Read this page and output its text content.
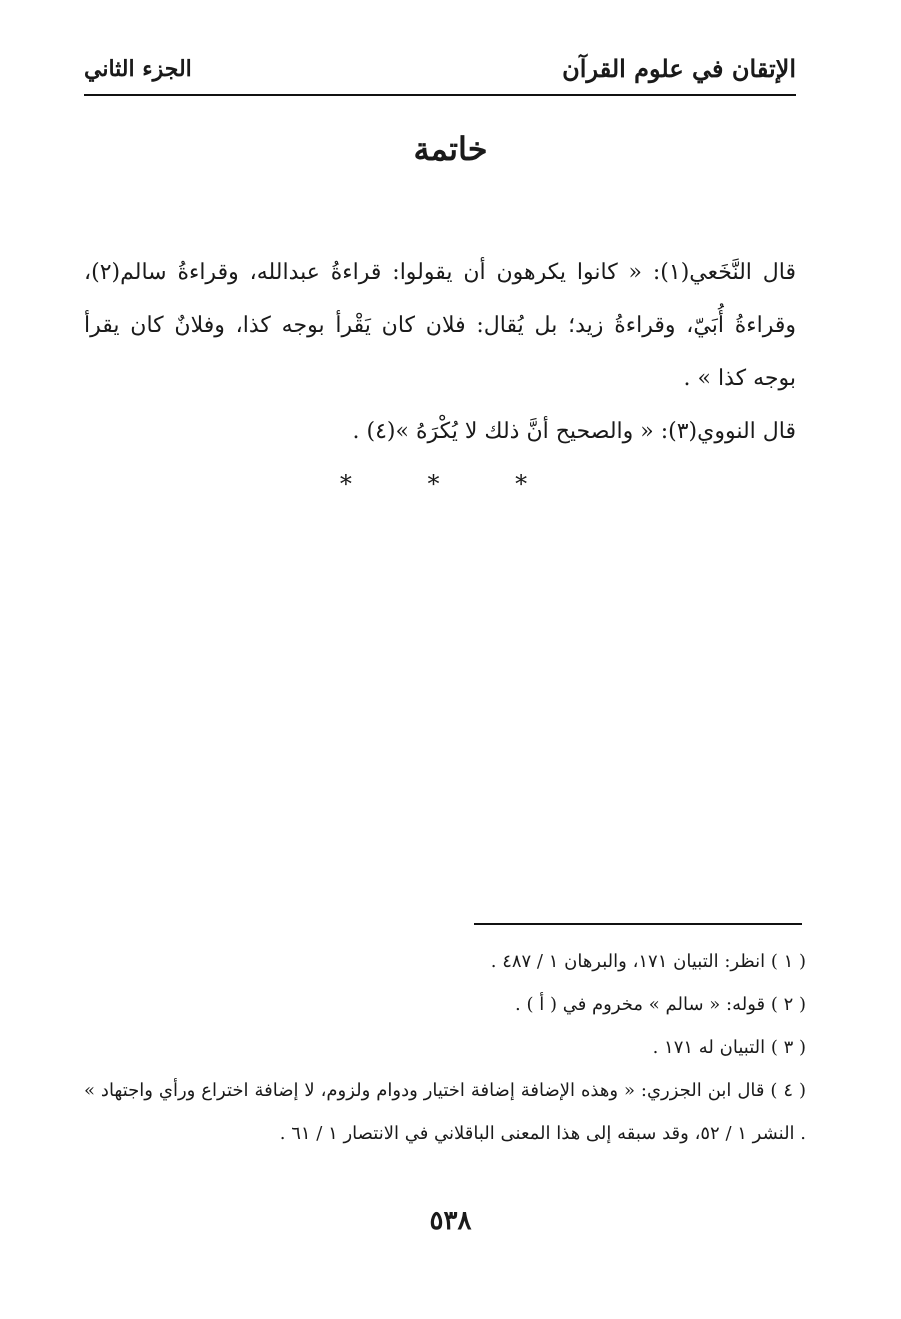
الإتقان في علوم القرآن
الجزء الثاني
خاتمة

قال النَّخَعي(١): « كانوا يكرهون أن يقولوا: قراءةُ عبدالله، وقراءةُ سالم(٢)، وقراءةُ أُبَيّ، وقراءةُ زيد؛ بل يُقال: فلان كان يَقْرأ بوجه كذا، وفلانٌ كان يقرأ بوجه كذا » .

قال النووي(٣): « والصحيح أنَّ ذلك لا يُكْرَهُ »(٤) .

* * *

( ١ ) انظر: التبيان ١٧١، والبرهان ١ / ٤٨٧ .

( ٢ ) قوله: « سالم » مخروم في ( أ ) .

( ٣ ) التبيان له ١٧١ .

( ٤ ) قال ابن الجزري: « وهذه الإضافة إضافة اختيار ودوام ولزوم، لا إضافة اختراع ورأي واجتهاد » . النشر ١ / ٥٢، وقد سبقه إلى هذا المعنى الباقلاني في الانتصار ١ / ٦١ .

٥٣٨
